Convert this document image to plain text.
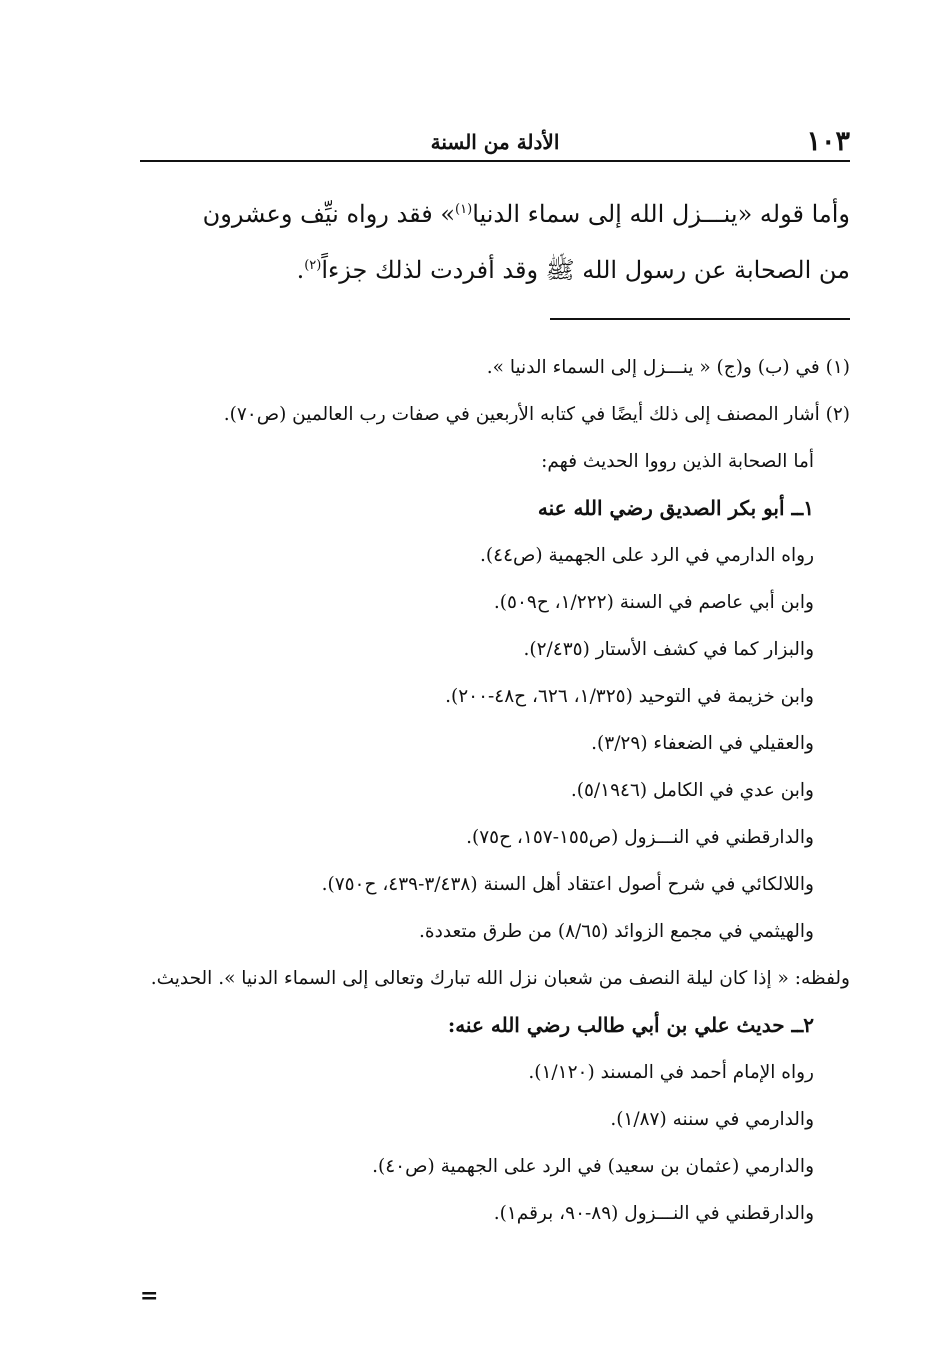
١٠٣
الأدلة من السنة

وأما قوله «ينـــزل الله إلى سماء الدنيا$^{(١)}$» فقد رواه نيِّف وعشرون

من الصحابة عن رسول الله ﷺ وقد أفردت لذلك جزءاً$^{(٢)}$.

(١) في (ب) و(ج) « ينـــزل إلى السماء الدنيا ».

(٢) أشار المصنف إلى ذلك أيضًا في كتابه الأربعين في صفات رب العالمين (ص٧٠).

أما الصحابة الذين رووا الحديث فهم:

١ــ أبو بكر الصديق رضي الله عنه

رواه الدارمي في الرد على الجهمية (ص٤٤).

وابن أبي عاصم في السنة (١/٢٢٢، ح٥٠٩).

والبزار كما في كشف الأستار (٢/٤٣٥).

وابن خزيمة في التوحيد (١/٣٢٥، ٦٢٦، ح٤٨-٢٠٠).

والعقيلي في الضعفاء (٣/٢٩).

وابن عدي في الكامل (٥/١٩٤٦).

والدارقطني في النـــزول (ص١٥٥-١٥٧، ح٧٥).

واللالكائي في شرح أصول اعتقاد أهل السنة (٣/٤٣٨-٤٣٩، ح٧٥٠).

والهيثمي في مجمع الزوائد (٨/٦٥) من طرق متعددة.

ولفظه: « إذا كان ليلة النصف من شعبان نزل الله تبارك وتعالى إلى السماء الدنيا ». الحديث.

٢ــ حديث علي بن أبي طالب رضي الله عنه:

رواه الإمام أحمد في المسند (١/١٢٠).

والدارمي في سننه (١/٨٧).

والدارمي (عثمان بن سعيد) في الرد على الجهمية (ص٤٠).

والدارقطني في النـــزول (٨٩-٩٠، برقم١).

=
